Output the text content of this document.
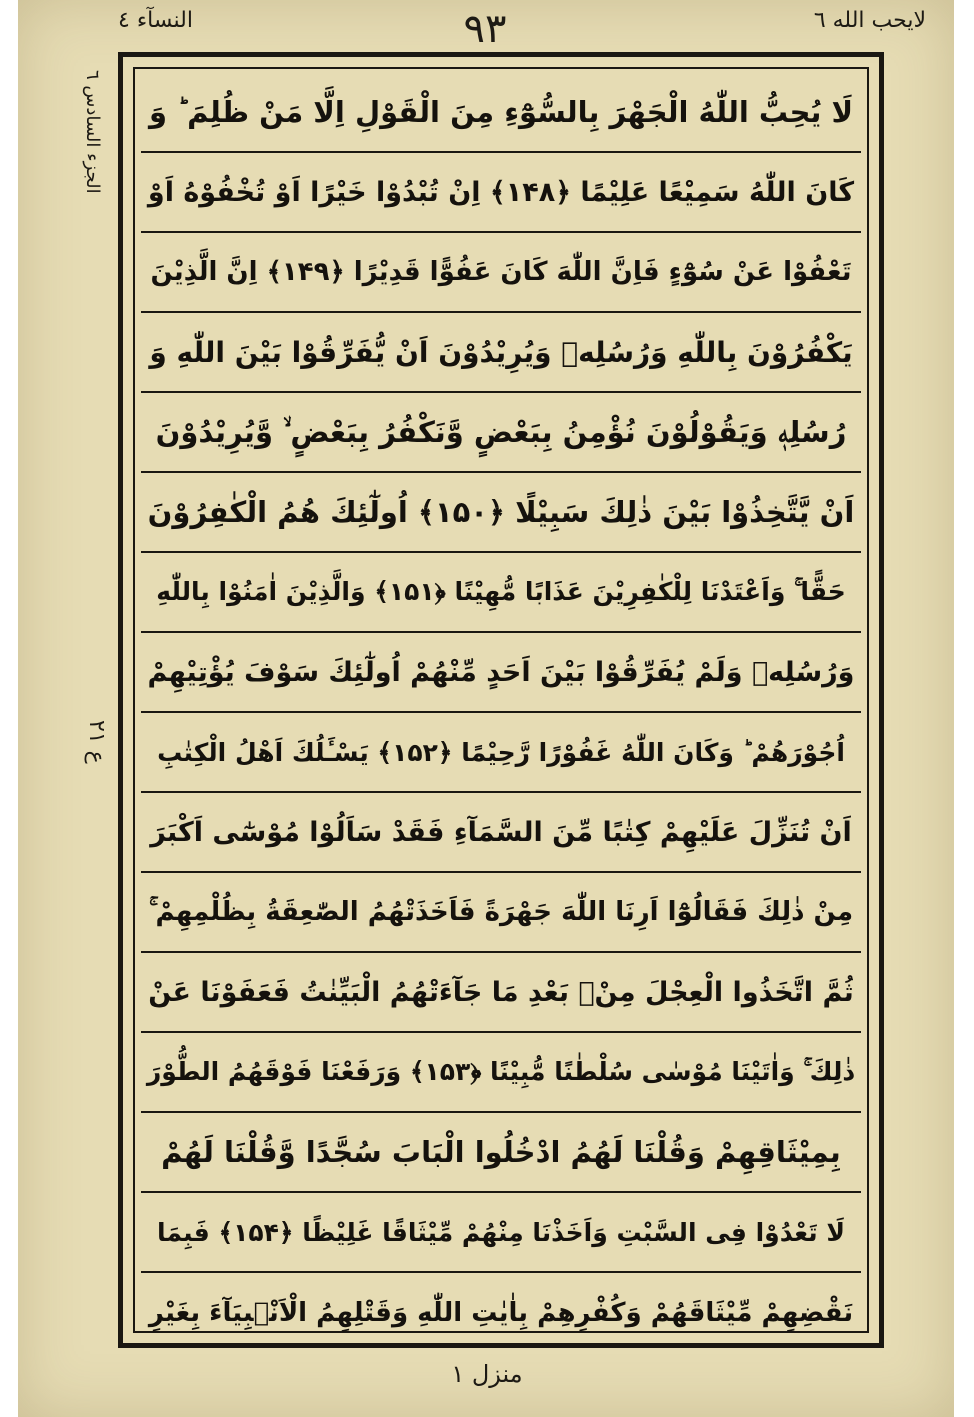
لايحب الله ٦
٩٣
النسآء ٤
الجزء السادس ٦
ع ٢١
لَا يُحِبُّ اللّٰهُ الْجَهْرَ بِالسُّوْٓءِ مِنَ الْقَوْلِ اِلَّا مَنْ ظُلِمَ ؕ وَ
كَانَ اللّٰهُ سَمِيْعًا عَلِيْمًا ﴿۱۴۸﴾ اِنْ تُبْدُوْا خَيْرًا اَوْ تُخْفُوْهُ اَوْ
تَعْفُوْا عَنْ سُوْٓءٍ فَاِنَّ اللّٰهَ كَانَ عَفُوًّا قَدِيْرًا ﴿۱۴۹﴾ اِنَّ الَّذِيْنَ
يَكْفُرُوْنَ بِاللّٰهِ وَرُسُلِهٖ وَيُرِيْدُوْنَ اَنْ يُّفَرِّقُوْا بَيْنَ اللّٰهِ وَ
رُسُلِهٖ وَيَقُوْلُوْنَ نُؤْمِنُ بِبَعْضٍ وَّنَكْفُرُ بِبَعْضٍ ۙ وَّيُرِيْدُوْنَ
اَنْ يَّتَّخِذُوْا بَيْنَ ذٰلِكَ سَبِيْلًا ﴿۱۵۰﴾ اُولٰٓئِكَ هُمُ الْكٰفِرُوْنَ
حَقًّا ۚ وَاَعْتَدْنَا لِلْكٰفِرِيْنَ عَذَابًا مُّهِيْنًا ﴿۱۵۱﴾ وَالَّذِيْنَ اٰمَنُوْا بِاللّٰهِ
وَرُسُلِهٖ وَلَمْ يُفَرِّقُوْا بَيْنَ اَحَدٍ مِّنْهُمْ اُولٰٓئِكَ سَوْفَ يُؤْتِيْهِمْ
اُجُوْرَهُمْ ؕ وَكَانَ اللّٰهُ غَفُوْرًا رَّحِيْمًا ﴿۱۵۲﴾ يَسْـَٔلُكَ اَهْلُ الْكِتٰبِ
اَنْ تُنَزِّلَ عَلَيْهِمْ كِتٰبًا مِّنَ السَّمَآءِ فَقَدْ سَاَلُوْا مُوْسٰٓى اَكْبَرَ
مِنْ ذٰلِكَ فَقَالُوْٓا اَرِنَا اللّٰهَ جَهْرَةً فَاَخَذَتْهُمُ الصّٰعِقَةُ بِظُلْمِهِمْ ۚ
ثُمَّ اتَّخَذُوا الْعِجْلَ مِنْۢ بَعْدِ مَا جَآءَتْهُمُ الْبَيِّنٰتُ فَعَفَوْنَا عَنْ
ذٰلِكَ ۚ وَاٰتَيْنَا مُوْسٰى سُلْطٰنًا مُّبِيْنًا ﴿۱۵۳﴾ وَرَفَعْنَا فَوْقَهُمُ الطُّوْرَ
بِمِيْثَاقِهِمْ وَقُلْنَا لَهُمُ ادْخُلُوا الْبَابَ سُجَّدًا وَّقُلْنَا لَهُمْ
لَا تَعْدُوْا فِى السَّبْتِ وَاَخَذْنَا مِنْهُمْ مِّيْثَاقًا غَلِيْظًا ﴿۱۵۴﴾ فَبِمَا
نَقْضِهِمْ مِّيْثَاقَهُمْ وَكُفْرِهِمْ بِاٰيٰتِ اللّٰهِ وَقَتْلِهِمُ الْاَنْۢبِيَآءَ بِغَيْرِ
منزل ١
